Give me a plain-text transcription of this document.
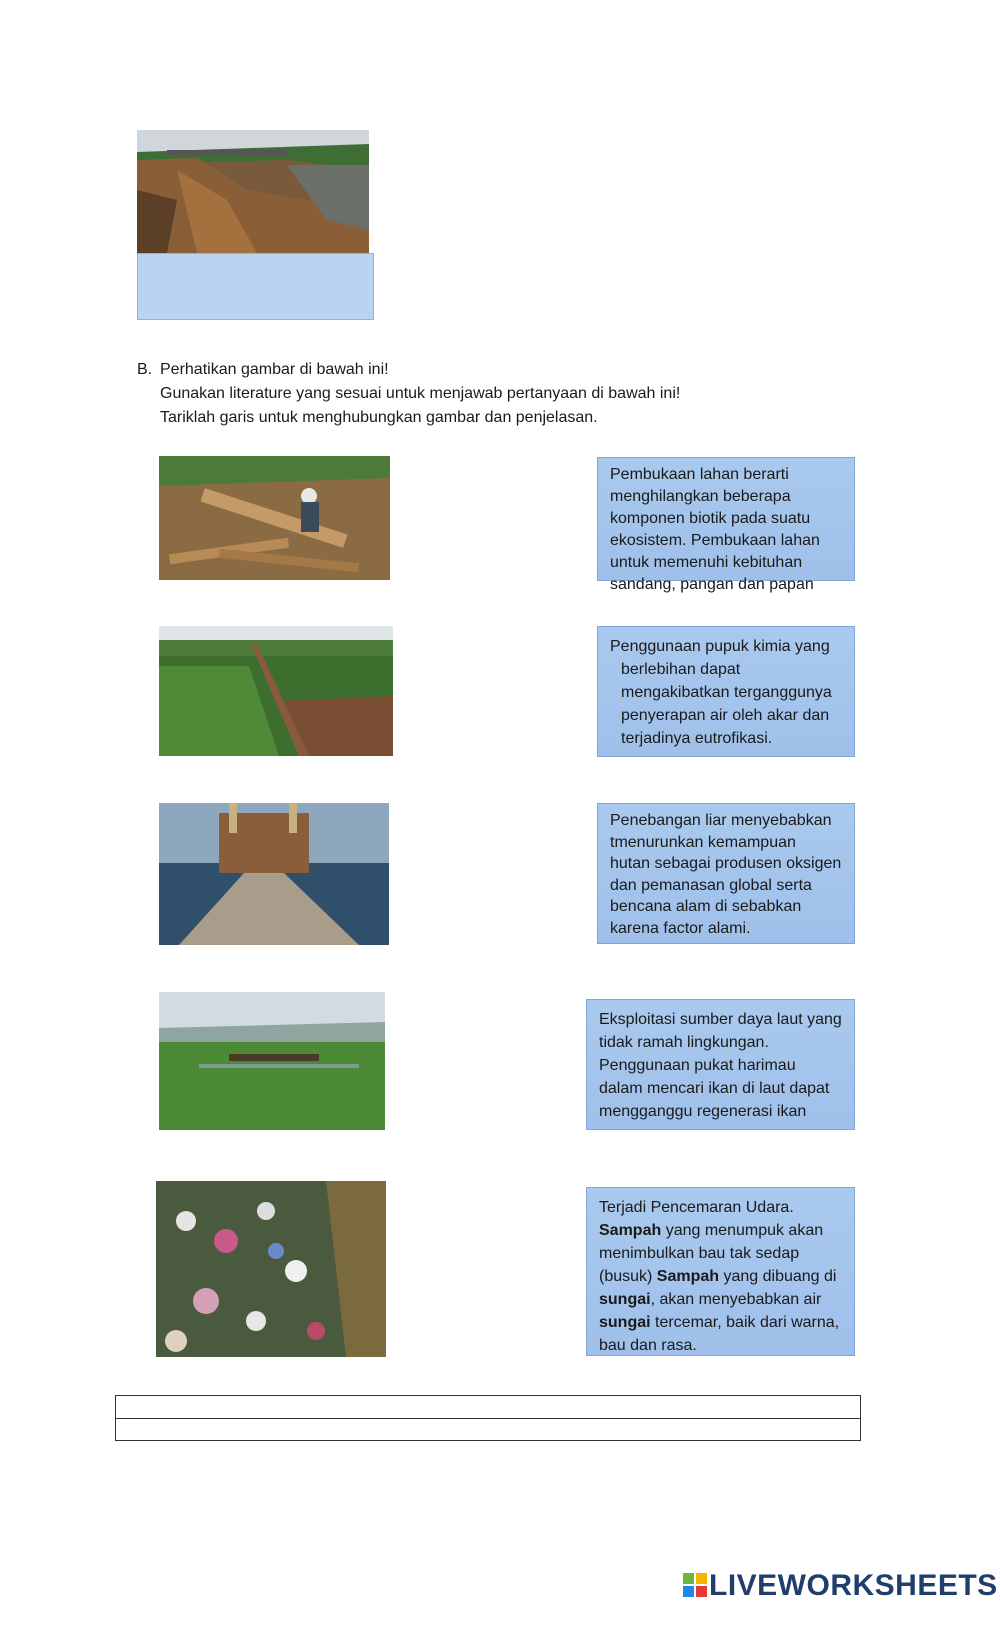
B. Perhatikan gambar di bawah ini!
Gunakan literature yang sesuai untuk menjawab pertanyaan di bawah ini!
Tariklah garis untuk menghubungkan gambar dan penjelasan.
Pembukaan lahan berarti
menghilangkan beberapa
komponen biotik pada suatu
ekosistem. Pembukaan lahan
untuk memenuhi kebituhan
sandang, pangan dan papan
Penggunaan pupuk kimia yang
berlebihan dapat
mengakibatkan terganggunya
penyerapan air oleh akar dan
terjadinya eutrofikasi.
Penebangan liar menyebabkan
tmenurunkan kemampuan
hutan sebagai produsen oksigen
dan pemanasan global serta
bencana alam di sebabkan
karena factor alami.
Eksploitasi sumber daya laut yang
tidak ramah lingkungan.
Penggunaan pukat harimau
dalam mencari ikan di laut dapat
mengganggu regenerasi ikan
Terjadi Pencemaran Udara.
Sampah yang menumpuk akan
menimbulkan bau tak sedap
(busuk) Sampah yang dibuang di
sungai, akan menyebabkan air
sungai tercemar, baik dari warna,
bau dan rasa.
LIVEWORKSHEETS
